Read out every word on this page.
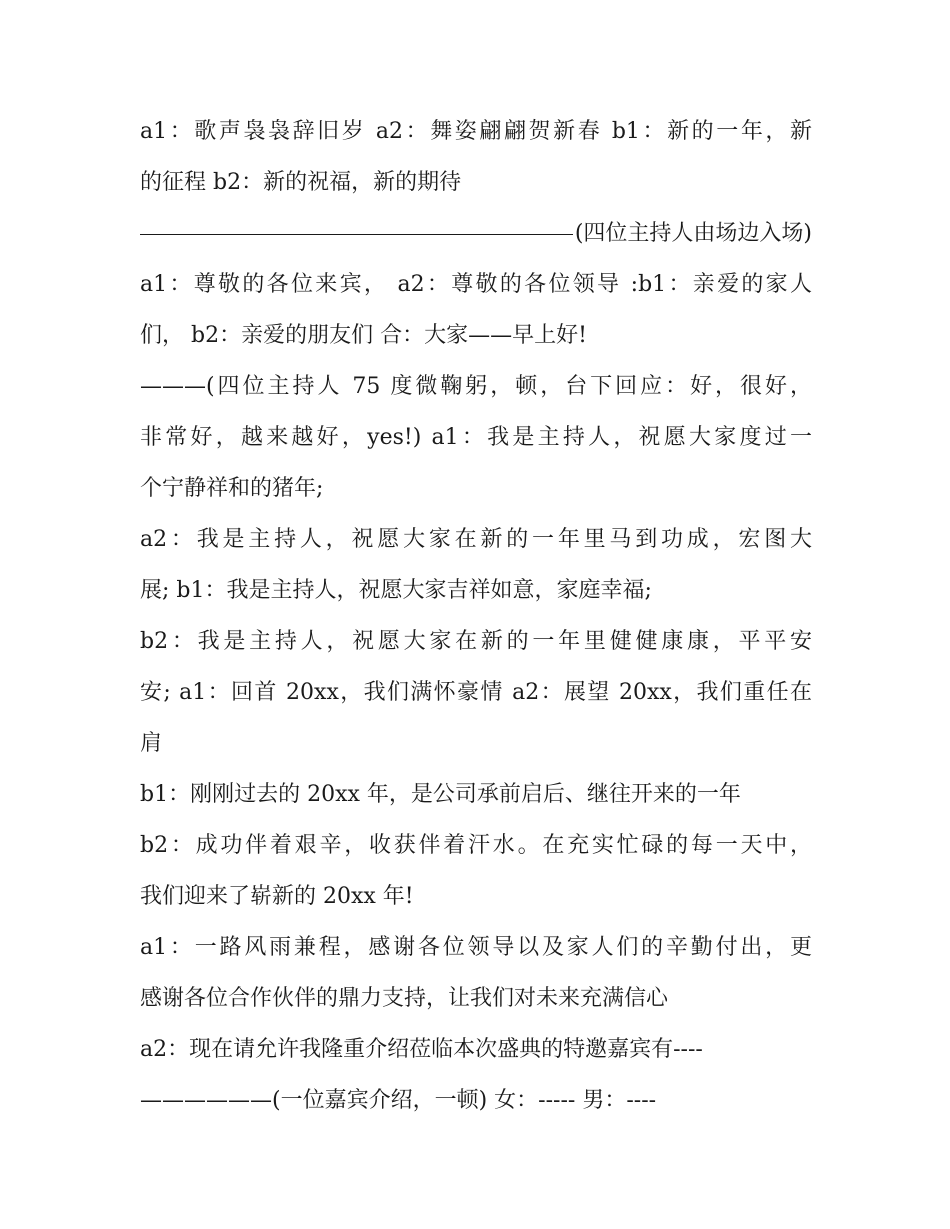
a1：歌声袅袅辞旧岁 a2：舞姿翩翩贺新春 b1：新的一年，新
的征程 b2：新的祝福，新的期待
(四位主持人由场边入场)
a1：尊敬的各位来宾， a2：尊敬的各位领导 :b1：亲爱的家人
们， b2：亲爱的朋友们 合：大家——早上好!
———(四位主持人 75 度微鞠躬，顿，台下回应：好，很好，
非常好，越来越好，yes!) a1：我是主持人，祝愿大家度过一
个宁静祥和的猪年;
a2：我是主持人，祝愿大家在新的一年里马到功成，宏图大
展; b1：我是主持人，祝愿大家吉祥如意，家庭幸福;
b2：我是主持人，祝愿大家在新的一年里健健康康，平平安
安; a1：回首 20xx，我们满怀豪情 a2：展望 20xx，我们重任在
肩
b1：刚刚过去的 20xx 年，是公司承前启后、继往开来的一年
b2：成功伴着艰辛，收获伴着汗水。在充实忙碌的每一天中，
我们迎来了崭新的 20xx 年!
a1：一路风雨兼程，感谢各位领导以及家人们的辛勤付出，更
感谢各位合作伙伴的鼎力支持，让我们对未来充满信心
a2：现在请允许我隆重介绍莅临本次盛典的特邀嘉宾有----
——————(一位嘉宾介绍，一顿) 女：----- 男：----
